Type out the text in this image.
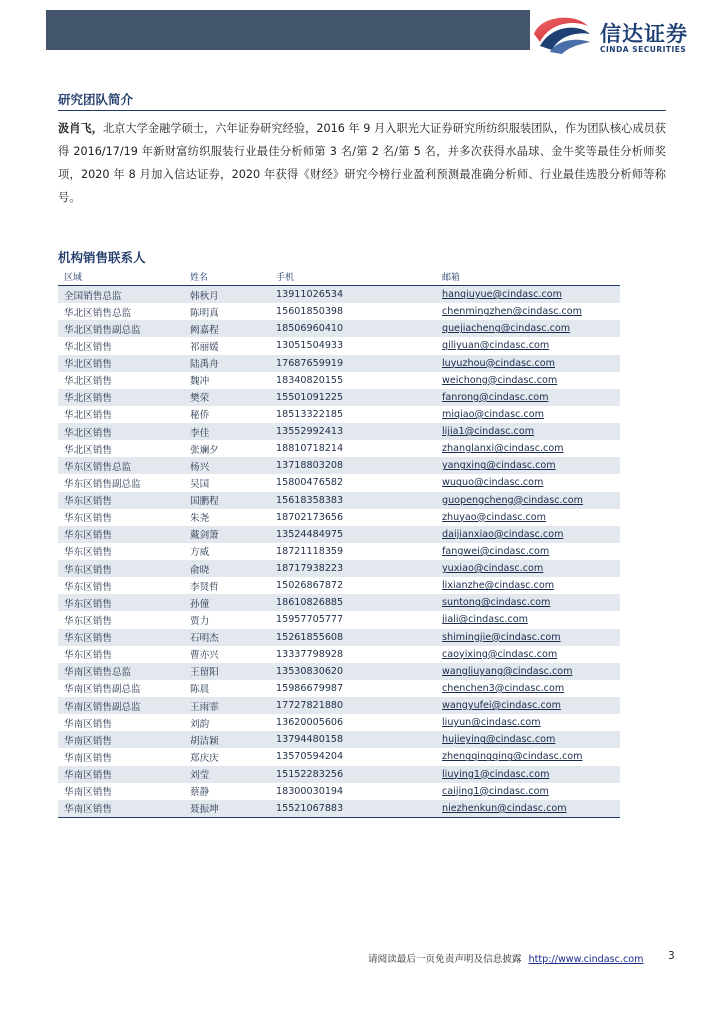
信达证券
CINDA SECURITIES
研究团队简介
汲肖飞，北京大学金融学硕士，六年证券研究经验，2016 年 9 月入职光大证券研究所纺织服装团队，作为团队核心成员获得 2016/17/19 年新财富纺织服装行业最佳分析师第 3 名/第 2 名/第 5 名，并多次获得水晶球、金牛奖等最佳分析师奖项，2020 年 8 月加入信达证券，2020 年获得《财经》研究今榜行业盈利预测最准确分析师、行业最佳选股分析师等称号。
机构销售联系人
区域	姓名	手机	邮箱
全国销售总监	韩秋月	13911026534	hanqiuyue@cindasc.com
华北区销售总监	陈明真	15601850398	chenmingzhen@cindasc.com
华北区销售副总监	阙嘉程	18506960410	quejiacheng@cindasc.com
华北区销售	祁丽媛	13051504933	qiliyuan@cindasc.com
华北区销售	陆禹舟	17687659919	luyuzhou@cindasc.com
华北区销售	魏冲	18340820155	weichong@cindasc.com
华北区销售	樊荣	15501091225	fanrong@cindasc.com
华北区销售	秘侨	18513322185	miqiao@cindasc.com
华北区销售	李佳	13552992413	lijia1@cindasc.com
华北区销售	张斓夕	18810718214	zhanglanxi@cindasc.com
华东区销售总监	杨兴	13718803208	yangxing@cindasc.com
华东区销售副总监	吴国	15800476582	wuguo@cindasc.com
华东区销售	国鹏程	15618358383	guopengcheng@cindasc.com
华东区销售	朱尧	18702173656	zhuyao@cindasc.com
华东区销售	戴剑箫	13524484975	daijianxiao@cindasc.com
华东区销售	方威	18721118359	fangwei@cindasc.com
华东区销售	俞晓	18717938223	yuxiao@cindasc.com
华东区销售	李贤哲	15026867872	lixianzhe@cindasc.com
华东区销售	孙僮	18610826885	suntong@cindasc.com
华东区销售	贾力	15957705777	jiali@cindasc.com
华东区销售	石明杰	15261855608	shimingjie@cindasc.com
华东区销售	曹亦兴	13337798928	caoyixing@cindasc.com
华南区销售总监	王留阳	13530830620	wangliuyang@cindasc.com
华南区销售副总监	陈晨	15986679987	chenchen3@cindasc.com
华南区销售副总监	王雨霏	17727821880	wangyufei@cindasc.com
华南区销售	刘韵	13620005606	liuyun@cindasc.com
华南区销售	胡洁颖	13794480158	hujieying@cindasc.com
华南区销售	郑庆庆	13570594204	zhengqingqing@cindasc.com
华南区销售	刘莹	15152283256	liuying1@cindasc.com
华南区销售	蔡静	18300030194	caijing1@cindasc.com
华南区销售	聂振坤	15521067883	niezhenkun@cindasc.com
请阅读最后一页免责声明及信息披露 http://www.cindasc.com 3
